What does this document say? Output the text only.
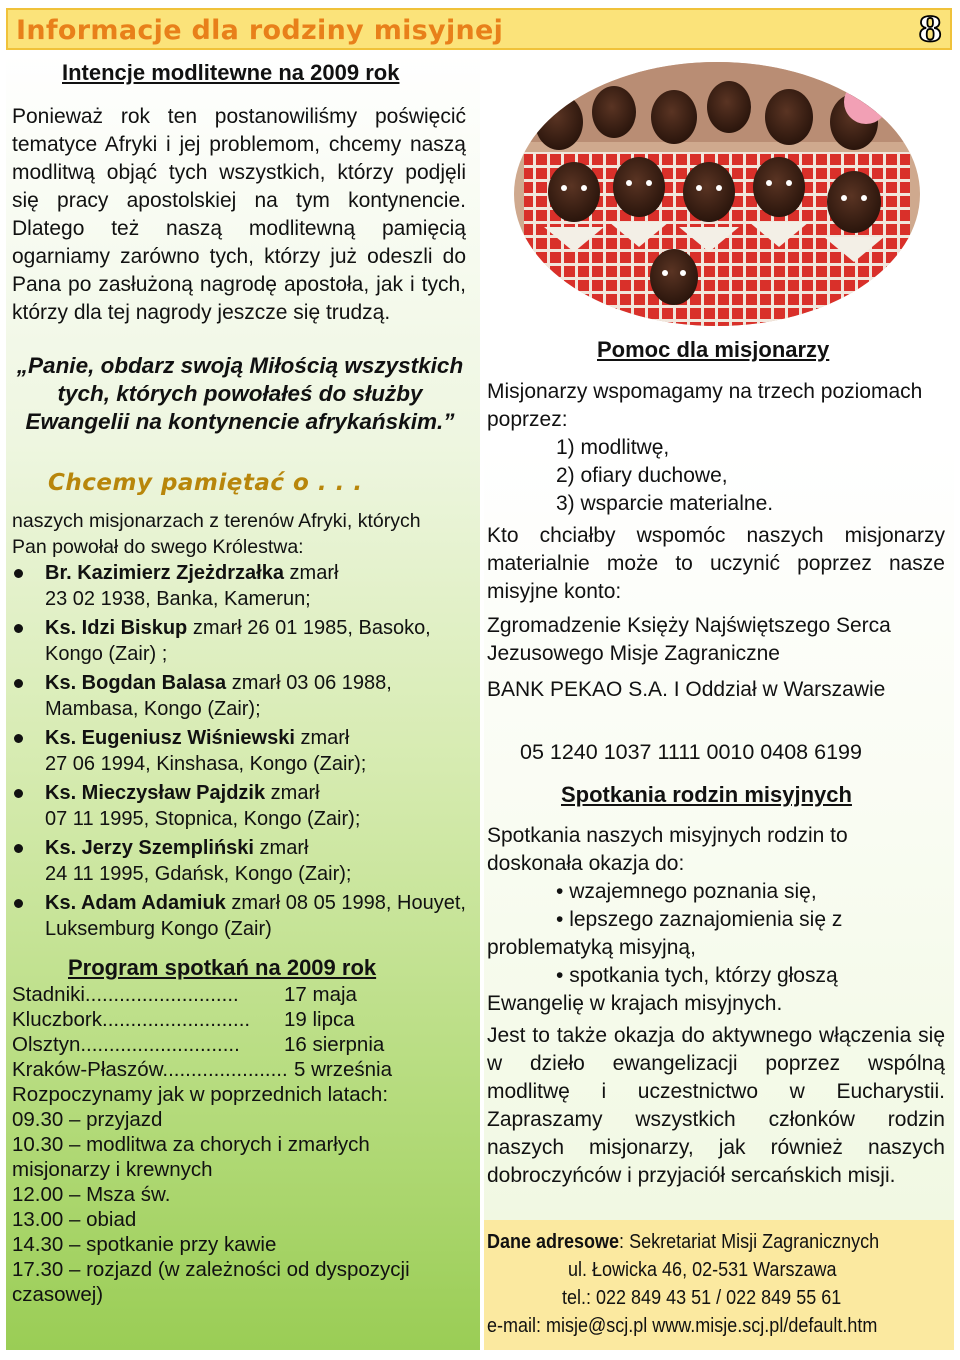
Informacje dla rodziny misyjnej	8
Intencje modlitewne na 2009 rok

Ponieważ rok ten postanowiliśmy poświęcić tematyce Afryki i jej problemom, chcemy naszą modlitwą objąć tych wszystkich, którzy podjęli się pracy apostolskiej na tym kontynencie. Dlatego też naszą modlitewną pamięcią ogarniamy zarówno tych, którzy już odeszli do Pana po zasłużoną nagrodę apostoła, jak i tych, którzy dla tej nagrody jeszcze się trudzą.

„Panie, obdarz swoją Miłością wszystkich tych, których powołałeś do służby Ewangelii na kontynencie afrykańskim.”
Chcemy pamiętać o . . .

naszych misjonarzach z terenów Afryki, których Pan powołał do swego Królestwa:

Br. Kazimierz Zjeżdrzałka zmarł
23 02 1938, Banka, Kamerun;
Ks. Idzi Biskup zmarł 26 01 1985, Basoko, Kongo (Zair) ;
Ks. Bogdan Balasa zmarł 03 06 1988, Mambasa, Kongo (Zair);
Ks. Eugeniusz Wiśniewski zmarł
27 06 1994, Kinshasa, Kongo (Zair);
Ks. Mieczysław Pajdzik zmarł
07 11 1995, Stopnica, Kongo (Zair);
Ks. Jerzy Szempliński zmarł
24 11 1995, Gdańsk, Kongo (Zair);
Ks. Adam Adamiuk zmarł 08 05 1998, Houyet, Luksemburg Kongo (Zair)
Program spotkań na 2009 rok
Stadniki........................... 17 maja
Kluczbork.......................... 19 lipca
Olsztyn............................ 16 sierpnia
Kraków-Płaszów...................... 5 września
Rozpoczynamy jak w poprzednich latach:
09.30 – przyjazd
10.30 – modlitwa za chorych i zmarłych misjonarzy i krewnych
12.00 – Msza św.
13.00 – obiad
14.30 – spotkanie przy kawie
17.30 – rozjazd (w zależności od dyspozycji czasowej)
Pomoc dla misjonarzy

Misjonarzy wspomagamy na trzech poziomach poprzez:

1) modlitwę,
2) ofiary duchowe,
3) wsparcie materialne.

Kto chciałby wspomóc naszych misjonarzy materialnie może to uczynić poprzez nasze misyjne konto:

Zgromadzenie Księży Najświętszego Serca Jezusowego Misje Zagraniczne

BANK PEKAO S.A. I Oddział w Warszawie

05 1240 1037 1111 0010 0408 6199
Spotkania rodzin misyjnych

Spotkania naszych misyjnych rodzin to doskonała okazja do:

• wzajemnego poznania się,
• lepszego zaznajomienia się z problematyką misyjną,
• spotkania tych, którzy głoszą Ewangelię w krajach misyjnych.

Jest to także okazja do aktywnego włączenia się w dzieło ewangelizacji poprzez wspólną modlitwę i uczestnictwo w Eucharystii. Zapraszamy wszystkich członków rodzin naszych misjonarzy, jak również naszych dobroczyńców i przyjaciół sercańskich misji.

Dane adresowe: Sekretariat Misji Zagranicznych
ul. Łowicka 46, 02-531 Warszawa
tel.: 022 849 43 51 / 022 849 55 61
e-mail: misje@scj.pl www.misje.scj.pl/default.htm
